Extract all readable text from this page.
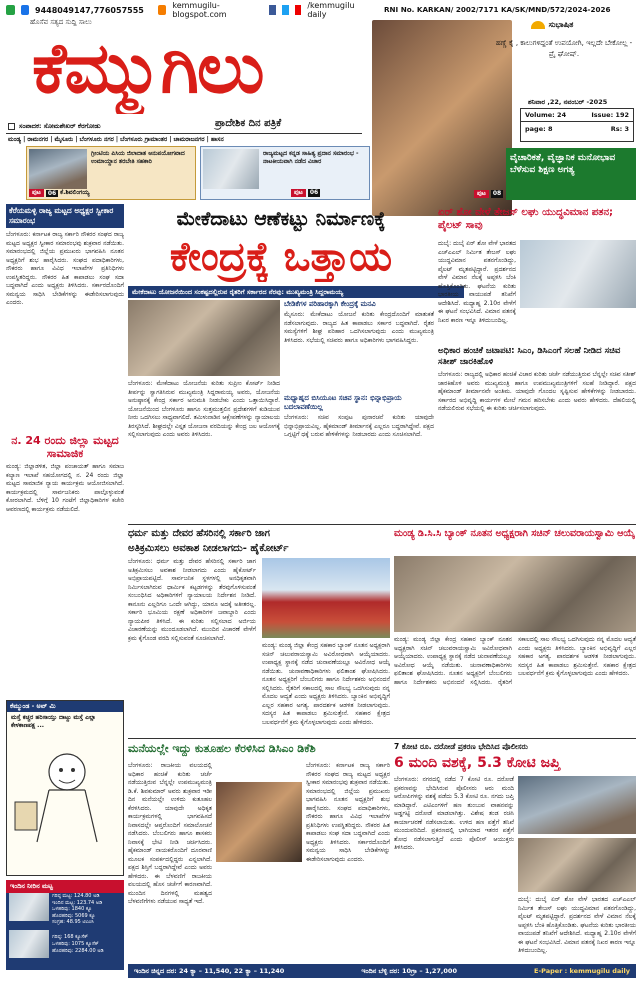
9448049147,776057555	kemmugilu-blogspot.com
/kemmugilu daily
ಹೊಸೆವ ಸತ್ಯದ ಸುದ್ದಿ ಸಾಲು
RNI No. KARKAN/ 2002/7171 KA/SK/MND/572/2024-2026
ಕೆಮ್ಮುಗಿಲು
ಪ್ರಾದೇಶಿಕ ದಿನ ಪತ್ರಿಕೆ
ಸಂಪಾದಕ: ಸೋಮಶೇಖರ್ ಕೆರಗೋಡು
ಮಂಡ್ಯ | ರಾಮನಗರ | ಮೈಸೂರು | ಬೆಂಗಳೂರು ನಗರ | ಬೆಂಗಳೂರು ಗ್ರಾಮಾಂತರ | ಚಾಮರಾಜನಗರ | ಹಾಸನ
ಸುಭಾಷಿತ
ಹಣ್ಣೆ ಕೈ , ಕಾಲುಗಳಿದ್ದಂತೆ ಉಪಯೋಗಿ, ಇಲ್ಲದೇ ಬೇಕೋಲ್ಲ - ಪ್ರೈ ಘೋಷ್.
ಶನಿವಾರ ,22, ನವಂಬರ್ -2025
Volume: 24	Issue: 192
page: 8	Rs: 3
ಗ್ರೀಂಟಿಯ ಪಿಸಿಯ ಜಿಲಾದಾತ ಅನುಪಯೋಗವಾದ ಉಮಾಯ್ದಾನ ತರಬೇತಿ ಸಹಕಾರಿ
ಪುಟ	06 ಕೆ.ಶಿವಲಿಂಗಯ್ಯ
ರಾಜ್ಯಮಟ್ಟದ ಕನ್ನಡ ಸಾಹಿತ್ಯ ಪ್ರದಾನ ಸಮಾರಂಭ - ನಾಟಕೀಯವಾಗಿ ನಡೆದ ವಿಚಾರ
ಪುಟ	06
ವೈಚಾರಿಕತೆ, ವೈಜ್ಞಾನಿಕ ಮನೋಭಾವ ಬೆಳೆಸುವ ಶಿಕ್ಷಣ ಅಗತ್ಯ
ಪುಟ	08
ಕೆರೆಯಮಳ್ಳಿ ರಾಜ್ಯ ಮಟ್ಟದ ಅಧ್ಯಕ್ಷರ ಸ್ವೀಕಾರ ಸಮಾರಂಭ
ಬೆಂಗಳೂರು: ಕರ್ನಾಟಕ ರಾಜ್ಯ ಸರ್ಕಾರಿ ನೌಕರರ ಸಂಘದ ರಾಜ್ಯ ಮಟ್ಟದ ಅಧ್ಯಕ್ಷರ ಸ್ವೀಕಾರ ಸಮಾರಂಭವು ಶುಕ್ರವಾರ ನಡೆಯಿತು. ಸಮಾರಂಭದಲ್ಲಿ ಜಿಲ್ಲೆಯ ಪ್ರಮುಖರು ಭಾಗವಹಿಸಿ ನೂತನ ಅಧ್ಯಕ್ಷರಿಗೆ ಶುಭ ಹಾರೈಸಿದರು. ಸಂಘದ ಪದಾಧಿಕಾರಿಗಳು, ನೌಕರರು ಹಾಗೂ ವಿವಿಧ ಇಲಾಖೆಗಳ ಪ್ರತಿನಿಧಿಗಳು ಉಪಸ್ಥಿತರಿದ್ದರು. ನೌಕರರ ಹಿತ ಕಾಪಾಡಲು ಸಂಘ ಸದಾ ಬದ್ಧವಾಗಿದೆ ಎಂದು ಅಧ್ಯಕ್ಷರು ತಿಳಿಸಿದರು. ಸರ್ಕಾರದೊಂದಿಗೆ ಸಮನ್ವಯ ಸಾಧಿಸಿ ಬೇಡಿಕೆಗಳನ್ನು ಈಡೇರಿಸಲಾಗುವುದು ಎಂದರು.
ನ. 24 ರಂದು ಜಿಲ್ಲಾ ಮಟ್ಟದ ಸಾಮಾಜಿಕ
ಮಂಡ್ಯ: ಜಿಲ್ಲಾಡಳಿತ, ಜಿಲ್ಲಾ ಪಂಚಾಯತ್ ಹಾಗೂ ಸಮಾಜ ಕಲ್ಯಾಣ ಇಲಾಖೆ ಸಹಯೋಗದಲ್ಲಿ ನ. 24 ರಂದು ಜಿಲ್ಲಾ ಮಟ್ಟದ ಸಾಮಾಜಿಕ ನ್ಯಾಯ ಕಾರ್ಯಕ್ರಮ ಆಯೋಜಿಸಲಾಗಿದೆ. ಕಾರ್ಯಕ್ರಮದಲ್ಲಿ ಸಾರ್ವಜನಿಕರು ಪಾಲ್ಗೊಳ್ಳುವಂತೆ ಕೋರಲಾಗಿದೆ. ಬೆಳಿಗ್ಗೆ 10 ಗಂಟೆಗೆ ಜಿಲ್ಲಾಧಿಕಾರಿಗಳ ಕಚೇರಿ ಆವರಣದಲ್ಲಿ ಕಾರ್ಯಕ್ರಮ ನಡೆಯಲಿದೆ.
ಕೆಮ್ಮುಂಡ - ಅವ್ ಮಿ
ಮಸ್ತೆ ಕಚ್ಚರ ಹರಿಸಾಯ್ತು ದಾಟ್ದು ಮಸ್ತೆ ಎಲ್ಲಾ ಕೇಳಕಾಣಪಕ್ಷ ...
ಇಂದಿನ ನೀರಿನ ಮಟ್ಟ
ಗರಿಷ್ಠ ಮಟ್ಟ: 124.80 ಅಡಿ
ಇಂದಿನ ಮಟ್ಟ: 123.74 ಅಡಿ
ಒಳಹರಿವು: 1840 ಕ್ಯೂ
ಹೊರಹರಿವು: 5069 ಕ್ಯೂ
ಸಂಗ್ರಹ: 48.95 ಟಿಎಂಸಿ
ಗರಿಷ್ಠ: 168 ಕ್ಯೂಸೆಕ್
ಒಳಹರಿವು: 1075 ಕ್ಯೂಸೆಕ್
ಹೊರಹರಿವು: 2284.00 ಅಡಿ
ಮೇಕೆದಾಟು ಆಣೆಕಟ್ಟು ನಿರ್ಮಾಣಕ್ಕೆ
ಕೇಂದ್ರಕ್ಕೆ ಒತ್ತಾಯ
ಮೇಕೆದಾಟು ಯೋಜನೆಯಿಂದ ಸಂಕಷ್ಟದಲ್ಲಿರುವ ರೈತರಿಗೆ ಸರ್ಕಾರದ ನೆರವು: ಮುಖ್ಯಮಂತ್ರಿ ಸಿದ್ದರಾಮಯ್ಯ
ಬೆಂಗಳೂರು: ಮೇಕೆದಾಟು ಯೋಜನೆಯ ಕುರಿತು ಸುಪ್ರೀಂ ಕೋರ್ಟ್ ನೀಡಿದ ತೀರ್ಪನ್ನು ಸ್ವಾಗತಿಸಿರುವ ಮುಖ್ಯಮಂತ್ರಿ ಸಿದ್ದರಾಮಯ್ಯ ಅವರು, ಯೋಜನೆಯ ಅನುಷ್ಠಾನಕ್ಕೆ ಕೇಂದ್ರ ಸರ್ಕಾರ ಅನುಮತಿ ನೀಡಬೇಕು ಎಂದು ಒತ್ತಾಯಿಸಿದ್ದಾರೆ. ಯೋಜನೆಯಿಂದ ಬೆಂಗಳೂರು ಹಾಗೂ ಸುತ್ತಮುತ್ತಲಿನ ಪ್ರದೇಶಗಳಿಗೆ ಕುಡಿಯುವ ನೀರು ಒದಗಿಸಲು ಸಾಧ್ಯವಾಗಲಿದೆ. ತಮಿಳುನಾಡಿನ ಆಕ್ಷೇಪಣೆಗಳನ್ನು ನ್ಯಾಯಾಲಯ ತಿರಸ್ಕರಿಸಿದೆ. ಶೀಘ್ರದಲ್ಲೇ ವಿಸ್ತೃತ ಯೋಜನಾ ವರದಿಯನ್ನು ಕೇಂದ್ರ ಜಲ ಆಯೋಗಕ್ಕೆ ಸಲ್ಲಿಸಲಾಗುವುದು ಎಂದು ಅವರು ತಿಳಿಸಿದರು.
ಬೇಡಿಕೆಗಳ ಪರಿಹಾರಕ್ಕಾಗಿ ಕೇಂದ್ರಕ್ಕೆ ಮನವಿ
ಮೈಸೂರು: ಮೇಕೆದಾಟು ಯೋಜನೆ ಕುರಿತು ಕೇಂದ್ರದೊಂದಿಗೆ ಮಾತುಕತೆ ನಡೆಸಲಾಗುವುದು. ರಾಜ್ಯದ ಹಿತ ಕಾಪಾಡಲು ಸರ್ಕಾರ ಬದ್ಧವಾಗಿದೆ. ರೈತರ ಸಮಸ್ಯೆಗಳಿಗೆ ಶೀಘ್ರ ಪರಿಹಾರ ಒದಗಿಸಲಾಗುವುದು ಎಂದು ಮುಖ್ಯಮಂತ್ರಿ ತಿಳಿಸಿದರು. ಸಭೆಯಲ್ಲಿ ಸಚಿವರು ಹಾಗೂ ಅಧಿಕಾರಿಗಳು ಭಾಗವಹಿಸಿದ್ದರು.
ಮಧ್ಯಾಹ್ನದ ಬಿಸಿಯೂಟ ಸಚಿವ ಸ್ಥಾನ: ಭಿನ್ನಾಭಿಪ್ರಾಯ ಬದಲಾವಣೆಯಿಲ್ಲ
ಬೆಂಗಳೂರು: ಸಚಿವ ಸಂಪುಟ ಪುನಾರಚನೆ ಕುರಿತು ಯಾವುದೇ ಭಿನ್ನಾಭಿಪ್ರಾಯವಿಲ್ಲ. ಹೈಕಮಾಂಡ್ ತೀರ್ಮಾನಕ್ಕೆ ಎಲ್ಲರೂ ಬದ್ಧರಾಗಿದ್ದೇವೆ. ಪಕ್ಷದ ಒಗ್ಗಟ್ಟಿಗೆ ಧಕ್ಕೆ ಬರುವ ಹೇಳಿಕೆಗಳನ್ನು ನೀಡಬಾರದು ಎಂದು ಸೂಚಿಸಲಾಗಿದೆ.
ಏರ್ ಶೋ ವೇಳೆ ತೇಜಸ್ ಲಘು ಯುದ್ಧವಿಮಾನ ಪತನ; ಪೈಲಟ್ ಸಾವು
ದುಬೈ: ದುಬೈ ಏರ್ ಶೋ ವೇಳೆ ಭಾರತದ ಎಚ್ಎಎಲ್ ನಿರ್ಮಿತ ತೇಜಸ್ ಲಘು ಯುದ್ಧವಿಮಾನ ಪತನಗೊಂಡಿದ್ದು, ಪೈಲಟ್ ಮೃತಪಟ್ಟಿದ್ದಾರೆ. ಪ್ರದರ್ಶನದ ವೇಳೆ ವಿಮಾನ ನೆಲಕ್ಕೆ ಅಪ್ಪಳಿಸಿ ಬೆಂಕಿ ಹೊತ್ತಿಕೊಂಡಿತು. ಘಟನೆಯ ಕುರಿತು ಭಾರತೀಯ ವಾಯುಪಡೆ ತನಿಖೆಗೆ ಆದೇಶಿಸಿದೆ. ಮಧ್ಯಾಹ್ನ 2.10ರ ವೇಳೆಗೆ ಈ ಘಟನೆ ಸಂಭವಿಸಿದೆ. ವಿಮಾನ ಪತನಕ್ಕೆ ನಿಖರ ಕಾರಣ ಇನ್ನೂ ತಿಳಿದುಬಂದಿಲ್ಲ.
ಅಧಿಕಾರ ಹಂಚಿಕೆ ಜಟಾಪಟಿ: ಸಿಎಂ, ಡಿಸಿಎಂಗೆ ಸಲಹೆ ನೀಡಿದ ಸಚಿವ ಸತೀಶ್ ಜಾರಕಿಹೊಳಿ
ಬೆಂಗಳೂರು: ರಾಜ್ಯದಲ್ಲಿ ಅಧಿಕಾರ ಹಂಚಿಕೆ ವಿಚಾರ ಕುರಿತು ಚರ್ಚೆ ನಡೆಯುತ್ತಿರುವ ಬೆನ್ನಲ್ಲೇ ಸಚಿವ ಸತೀಶ್ ಜಾರಕಿಹೊಳಿ ಅವರು ಮುಖ್ಯಮಂತ್ರಿ ಹಾಗೂ ಉಪಮುಖ್ಯಮಂತ್ರಿಗಳಿಗೆ ಸಲಹೆ ನೀಡಿದ್ದಾರೆ. ಪಕ್ಷದ ಹೈಕಮಾಂಡ್ ತೀರ್ಮಾನವೇ ಅಂತಿಮ. ಯಾವುದೇ ಗೊಂದಲ ಸೃಷ್ಟಿಸುವ ಹೇಳಿಕೆಗಳನ್ನು ನೀಡಬಾರದು. ಸರ್ಕಾರದ ಅಭಿವೃದ್ಧಿ ಕಾರ್ಯಗಳ ಮೇಲೆ ಗಮನ ಹರಿಸಬೇಕು ಎಂದು ಅವರು ಹೇಳಿದರು. ದೆಹಲಿಯಲ್ಲಿ ನಡೆಯಲಿರುವ ಸಭೆಯಲ್ಲಿ ಈ ಕುರಿತು ಚರ್ಚಿಸಲಾಗುವುದು.
ಧರ್ಮ ಮತ್ತು ದೇವರ ಹೆಸರಿನಲ್ಲಿ ಸರ್ಕಾರಿ ಜಾಗ
ಅತಿಕ್ರಮಿಸಲು ಅವಕಾಶ ನೀಡಲಾಗದು- ಹೈಕೋರ್ಟ್
ಬೆಂಗಳೂರು: ಧರ್ಮ ಮತ್ತು ದೇವರ ಹೆಸರಿನಲ್ಲಿ ಸರ್ಕಾರಿ ಜಾಗ ಅತಿಕ್ರಮಿಸಲು ಅವಕಾಶ ನೀಡಲಾಗದು ಎಂದು ಹೈಕೋರ್ಟ್ ಅಭಿಪ್ರಾಯಪಟ್ಟಿದೆ. ಸಾರ್ವಜನಿಕ ಸ್ಥಳಗಳಲ್ಲಿ ಅನಧಿಕೃತವಾಗಿ ನಿರ್ಮಿಸಲಾಗಿರುವ ಧಾರ್ಮಿಕ ಕಟ್ಟಡಗಳನ್ನು ತೆರವುಗೊಳಿಸುವಂತೆ ಸಂಬಂಧಿಸಿದ ಅಧಿಕಾರಿಗಳಿಗೆ ನ್ಯಾಯಾಲಯ ನಿರ್ದೇಶನ ನೀಡಿದೆ. ಕಾನೂನು ಎಲ್ಲರಿಗೂ ಒಂದೇ ಆಗಿದ್ದು, ಯಾರೂ ಅದಕ್ಕೆ ಅತೀತರಲ್ಲ. ಸರ್ಕಾರಿ ಭೂಮಿಯ ರಕ್ಷಣೆ ಅಧಿಕಾರಿಗಳ ಜವಾಬ್ದಾರಿ ಎಂದು ನ್ಯಾಯಪೀಠ ತಿಳಿಸಿದೆ. ಈ ಕುರಿತು ಸಲ್ಲಿಸಲಾದ ಅರ್ಜಿಯ ವಿಚಾರಣೆಯನ್ನು ಮುಂದೂಡಲಾಗಿದೆ. ಮುಂದಿನ ವಿಚಾರಣೆ ವೇಳೆಗೆ ಕ್ರಮ ಕೈಗೊಂಡ ವರದಿ ಸಲ್ಲಿಸುವಂತೆ ಸೂಚಿಸಲಾಗಿದೆ.
ಮಂಡ್ಯ: ಮಂಡ್ಯ ಜಿಲ್ಲಾ ಕೇಂದ್ರ ಸಹಕಾರ ಬ್ಯಾಂಕ್ ನೂತನ ಅಧ್ಯಕ್ಷರಾಗಿ ಸಚಿನ್ ಚಲುವರಾಯಸ್ವಾಮಿ ಅವಿರೋಧವಾಗಿ ಆಯ್ಕೆಯಾದರು. ಉಪಾಧ್ಯಕ್ಷ ಸ್ಥಾನಕ್ಕೆ ನಡೆದ ಚುನಾವಣೆಯಲ್ಲೂ ಅವಿರೋಧ ಆಯ್ಕೆ ನಡೆಯಿತು. ಚುನಾವಣಾಧಿಕಾರಿಗಳು ಫಲಿತಾಂಶ ಘೋಷಿಸಿದರು. ನೂತನ ಅಧ್ಯಕ್ಷರಿಗೆ ಬೆಂಬಲಿಗರು ಹಾಗೂ ನಿರ್ದೇಶಕರು ಅಭಿನಂದನೆ ಸಲ್ಲಿಸಿದರು. ರೈತರಿಗೆ ಸಕಾಲದಲ್ಲಿ ಸಾಲ ಸೌಲಭ್ಯ ಒದಗಿಸುವುದು ನನ್ನ ಮೊದಲ ಆದ್ಯತೆ ಎಂದು ಅಧ್ಯಕ್ಷರು ತಿಳಿಸಿದರು. ಬ್ಯಾಂಕಿನ ಅಭಿವೃದ್ಧಿಗೆ ಎಲ್ಲರ ಸಹಕಾರ ಅಗತ್ಯ. ಪಾರದರ್ಶಕ ಆಡಳಿತ ನೀಡಲಾಗುವುದು. ಸದಸ್ಯರ ಹಿತ ಕಾಪಾಡಲು ಶ್ರಮಿಸುತ್ತೇನೆ. ಸಹಕಾರ ಕ್ಷೇತ್ರದ ಬಲವರ್ಧನೆಗೆ ಕ್ರಮ ಕೈಗೊಳ್ಳಲಾಗುವುದು ಎಂದು ಹೇಳಿದರು.
ಮಂಡ್ಯ ಡಿ.ಸಿ.ಸಿ ಬ್ಯಾಂಕ್ ನೂತನ ಅಧ್ಯಕ್ಷರಾಗಿ ಸಚಿನ್ ಚಲುವರಾಯಸ್ವಾಮಿ ಆಯ್ಕೆ
ಮಂಡ್ಯ: ಮಂಡ್ಯ ಜಿಲ್ಲಾ ಕೇಂದ್ರ ಸಹಕಾರ ಬ್ಯಾಂಕ್ ನೂತನ ಅಧ್ಯಕ್ಷರಾಗಿ ಸಚಿನ್ ಚಲುವರಾಯಸ್ವಾಮಿ ಅವಿರೋಧವಾಗಿ ಆಯ್ಕೆಯಾದರು. ಉಪಾಧ್ಯಕ್ಷ ಸ್ಥಾನಕ್ಕೆ ನಡೆದ ಚುನಾವಣೆಯಲ್ಲೂ ಅವಿರೋಧ ಆಯ್ಕೆ ನಡೆಯಿತು. ಚುನಾವಣಾಧಿಕಾರಿಗಳು ಫಲಿತಾಂಶ ಘೋಷಿಸಿದರು. ನೂತನ ಅಧ್ಯಕ್ಷರಿಗೆ ಬೆಂಬಲಿಗರು ಹಾಗೂ ನಿರ್ದೇಶಕರು ಅಭಿನಂದನೆ ಸಲ್ಲಿಸಿದರು. ರೈತರಿಗೆ ಸಕಾಲದಲ್ಲಿ ಸಾಲ ಸೌಲಭ್ಯ ಒದಗಿಸುವುದು ನನ್ನ ಮೊದಲ ಆದ್ಯತೆ ಎಂದು ಅಧ್ಯಕ್ಷರು ತಿಳಿಸಿದರು. ಬ್ಯಾಂಕಿನ ಅಭಿವೃದ್ಧಿಗೆ ಎಲ್ಲರ ಸಹಕಾರ ಅಗತ್ಯ. ಪಾರದರ್ಶಕ ಆಡಳಿತ ನೀಡಲಾಗುವುದು. ಸದಸ್ಯರ ಹಿತ ಕಾಪಾಡಲು ಶ್ರಮಿಸುತ್ತೇನೆ. ಸಹಕಾರ ಕ್ಷೇತ್ರದ ಬಲವರ್ಧನೆಗೆ ಕ್ರಮ ಕೈಗೊಳ್ಳಲಾಗುವುದು ಎಂದು ಹೇಳಿದರು.
ಮನೆಯಲ್ಲೇ ಇದ್ದು ಕುತೂಹಲ ಕೆರಳಿಸಿದ ಡಿಸಿಎಂ ಡಿಕೆಶಿ
ಬೆಂಗಳೂರು: ರಾಜಕೀಯ ವಲಯದಲ್ಲಿ ಅಧಿಕಾರ ಹಂಚಿಕೆ ಕುರಿತು ಚರ್ಚೆ ನಡೆಯುತ್ತಿರುವ ಬೆನ್ನಲ್ಲೇ ಉಪಮುಖ್ಯಮಂತ್ರಿ ಡಿ.ಕೆ. ಶಿವಕುಮಾರ್ ಅವರು ಶುಕ್ರವಾರ ಇಡೀ ದಿನ ಮನೆಯಲ್ಲೇ ಉಳಿದು ಕುತೂಹಲ ಕೆರಳಿಸಿದರು. ಯಾವುದೇ ಅಧಿಕೃತ ಕಾರ್ಯಕ್ರಮಗಳಲ್ಲಿ ಭಾಗವಹಿಸದೆ ನಿವಾಸದಲ್ಲೇ ಆಪ್ತರೊಂದಿಗೆ ಸಮಾಲೋಚನೆ ನಡೆಸಿದರು. ಬೆಂಬಲಿಗರು ಹಾಗೂ ಶಾಸಕರು ನಿವಾಸಕ್ಕೆ ಭೇಟಿ ನೀಡಿ ಚರ್ಚಿಸಿದರು. ಹೈಕಮಾಂಡ್ ನಾಯಕರೊಂದಿಗೆ ದೂರವಾಣಿ ಮೂಲಕ ಸಂಪರ್ಕದಲ್ಲಿದ್ದರು ಎನ್ನಲಾಗಿದೆ. ಪಕ್ಷದ ಶಿಸ್ತಿಗೆ ಬದ್ಧರಾಗಿದ್ದೇವೆ ಎಂದು ಅವರು ಹೇಳಿದರು. ಈ ಬೆಳವಣಿಗೆ ರಾಜಕೀಯ ವಲಯದಲ್ಲಿ ಹೊಸ ಚರ್ಚೆಗೆ ಕಾರಣವಾಗಿದೆ. ಮುಂದಿನ ದಿನಗಳಲ್ಲಿ ಮಹತ್ವದ ಬೆಳವಣಿಗೆಗಳು ನಡೆಯುವ ಸಾಧ್ಯತೆ ಇದೆ.
ಬೆಂಗಳೂರು: ಕರ್ನಾಟಕ ರಾಜ್ಯ ಸರ್ಕಾರಿ ನೌಕರರ ಸಂಘದ ರಾಜ್ಯ ಮಟ್ಟದ ಅಧ್ಯಕ್ಷರ ಸ್ವೀಕಾರ ಸಮಾರಂಭವು ಶುಕ್ರವಾರ ನಡೆಯಿತು. ಸಮಾರಂಭದಲ್ಲಿ ಜಿಲ್ಲೆಯ ಪ್ರಮುಖರು ಭಾಗವಹಿಸಿ ನೂತನ ಅಧ್ಯಕ್ಷರಿಗೆ ಶುಭ ಹಾರೈಸಿದರು. ಸಂಘದ ಪದಾಧಿಕಾರಿಗಳು, ನೌಕರರು ಹಾಗೂ ವಿವಿಧ ಇಲಾಖೆಗಳ ಪ್ರತಿನಿಧಿಗಳು ಉಪಸ್ಥಿತರಿದ್ದರು. ನೌಕರರ ಹಿತ ಕಾಪಾಡಲು ಸಂಘ ಸದಾ ಬದ್ಧವಾಗಿದೆ ಎಂದು ಅಧ್ಯಕ್ಷರು ತಿಳಿಸಿದರು. ಸರ್ಕಾರದೊಂದಿಗೆ ಸಮನ್ವಯ ಸಾಧಿಸಿ ಬೇಡಿಕೆಗಳನ್ನು ಈಡೇರಿಸಲಾಗುವುದು ಎಂದರು.
7 ಕೋಟಿ ರೂ. ದರೋಡೆ ಪ್ರಕರಣ ಭೇದಿಸಿದ ಪೊಲೀಸರು
6 ಮಂದಿ ವಶಕ್ಕೆ, 5.3 ಕೋಟಿ ಜಪ್ತಿ
ಬೆಂಗಳೂರು: ನಗರದಲ್ಲಿ ನಡೆದ 7 ಕೋಟಿ ರೂ. ದರೋಡೆ ಪ್ರಕರಣವನ್ನು ಭೇದಿಸಿರುವ ಪೊಲೀಸರು ಆರು ಮಂದಿ ಆರೋಪಿಗಳನ್ನು ವಶಕ್ಕೆ ಪಡೆದು 5.3 ಕೋಟಿ ರೂ. ನಗದು ಜಪ್ತಿ ಮಾಡಿದ್ದಾರೆ. ಎಟಿಎಂಗಳಿಗೆ ಹಣ ತುಂಬುವ ವಾಹನವನ್ನು ಅಡ್ಡಗಟ್ಟಿ ದರೋಡೆ ಮಾಡಲಾಗಿತ್ತು. ವಿಶೇಷ ತಂಡ ರಚಿಸಿ ಕಾರ್ಯಾಚರಣೆ ನಡೆಸಲಾಯಿತು. ಉಳಿದ ಹಣ ಪತ್ತೆಗೆ ತನಿಖೆ ಮುಂದುವರಿದಿದೆ. ಪ್ರಕರಣದಲ್ಲಿ ಭಾಗಿಯಾದ ಇತರರ ಪತ್ತೆಗೆ ಶೋಧ ನಡೆಸಲಾಗುತ್ತಿದೆ ಎಂದು ಪೊಲೀಸ್ ಆಯುಕ್ತರು ತಿಳಿಸಿದರು.
ದುಬೈ: ದುಬೈ ಏರ್ ಶೋ ವೇಳೆ ಭಾರತದ ಎಚ್ಎಎಲ್ ನಿರ್ಮಿತ ತೇಜಸ್ ಲಘು ಯುದ್ಧವಿಮಾನ ಪತನಗೊಂಡಿದ್ದು, ಪೈಲಟ್ ಮೃತಪಟ್ಟಿದ್ದಾರೆ. ಪ್ರದರ್ಶನದ ವೇಳೆ ವಿಮಾನ ನೆಲಕ್ಕೆ ಅಪ್ಪಳಿಸಿ ಬೆಂಕಿ ಹೊತ್ತಿಕೊಂಡಿತು. ಘಟನೆಯ ಕುರಿತು ಭಾರತೀಯ ವಾಯುಪಡೆ ತನಿಖೆಗೆ ಆದೇಶಿಸಿದೆ. ಮಧ್ಯಾಹ್ನ 2.10ರ ವೇಳೆಗೆ ಈ ಘಟನೆ ಸಂಭವಿಸಿದೆ. ವಿಮಾನ ಪತನಕ್ಕೆ ನಿಖರ ಕಾರಣ ಇನ್ನೂ ತಿಳಿದುಬಂದಿಲ್ಲ.
ಇಂದಿನ ಚಿನ್ನದ ದರ: 24 ಕ್ಯಾ – 11,540, 22 ಕ್ಯಾ – 11,240	ಇಂದಿನ ಬೆಳ್ಳಿ ದರ: 10ಗ್ರಾ – 1,27,000	E-Paper : kemmugilu daily
